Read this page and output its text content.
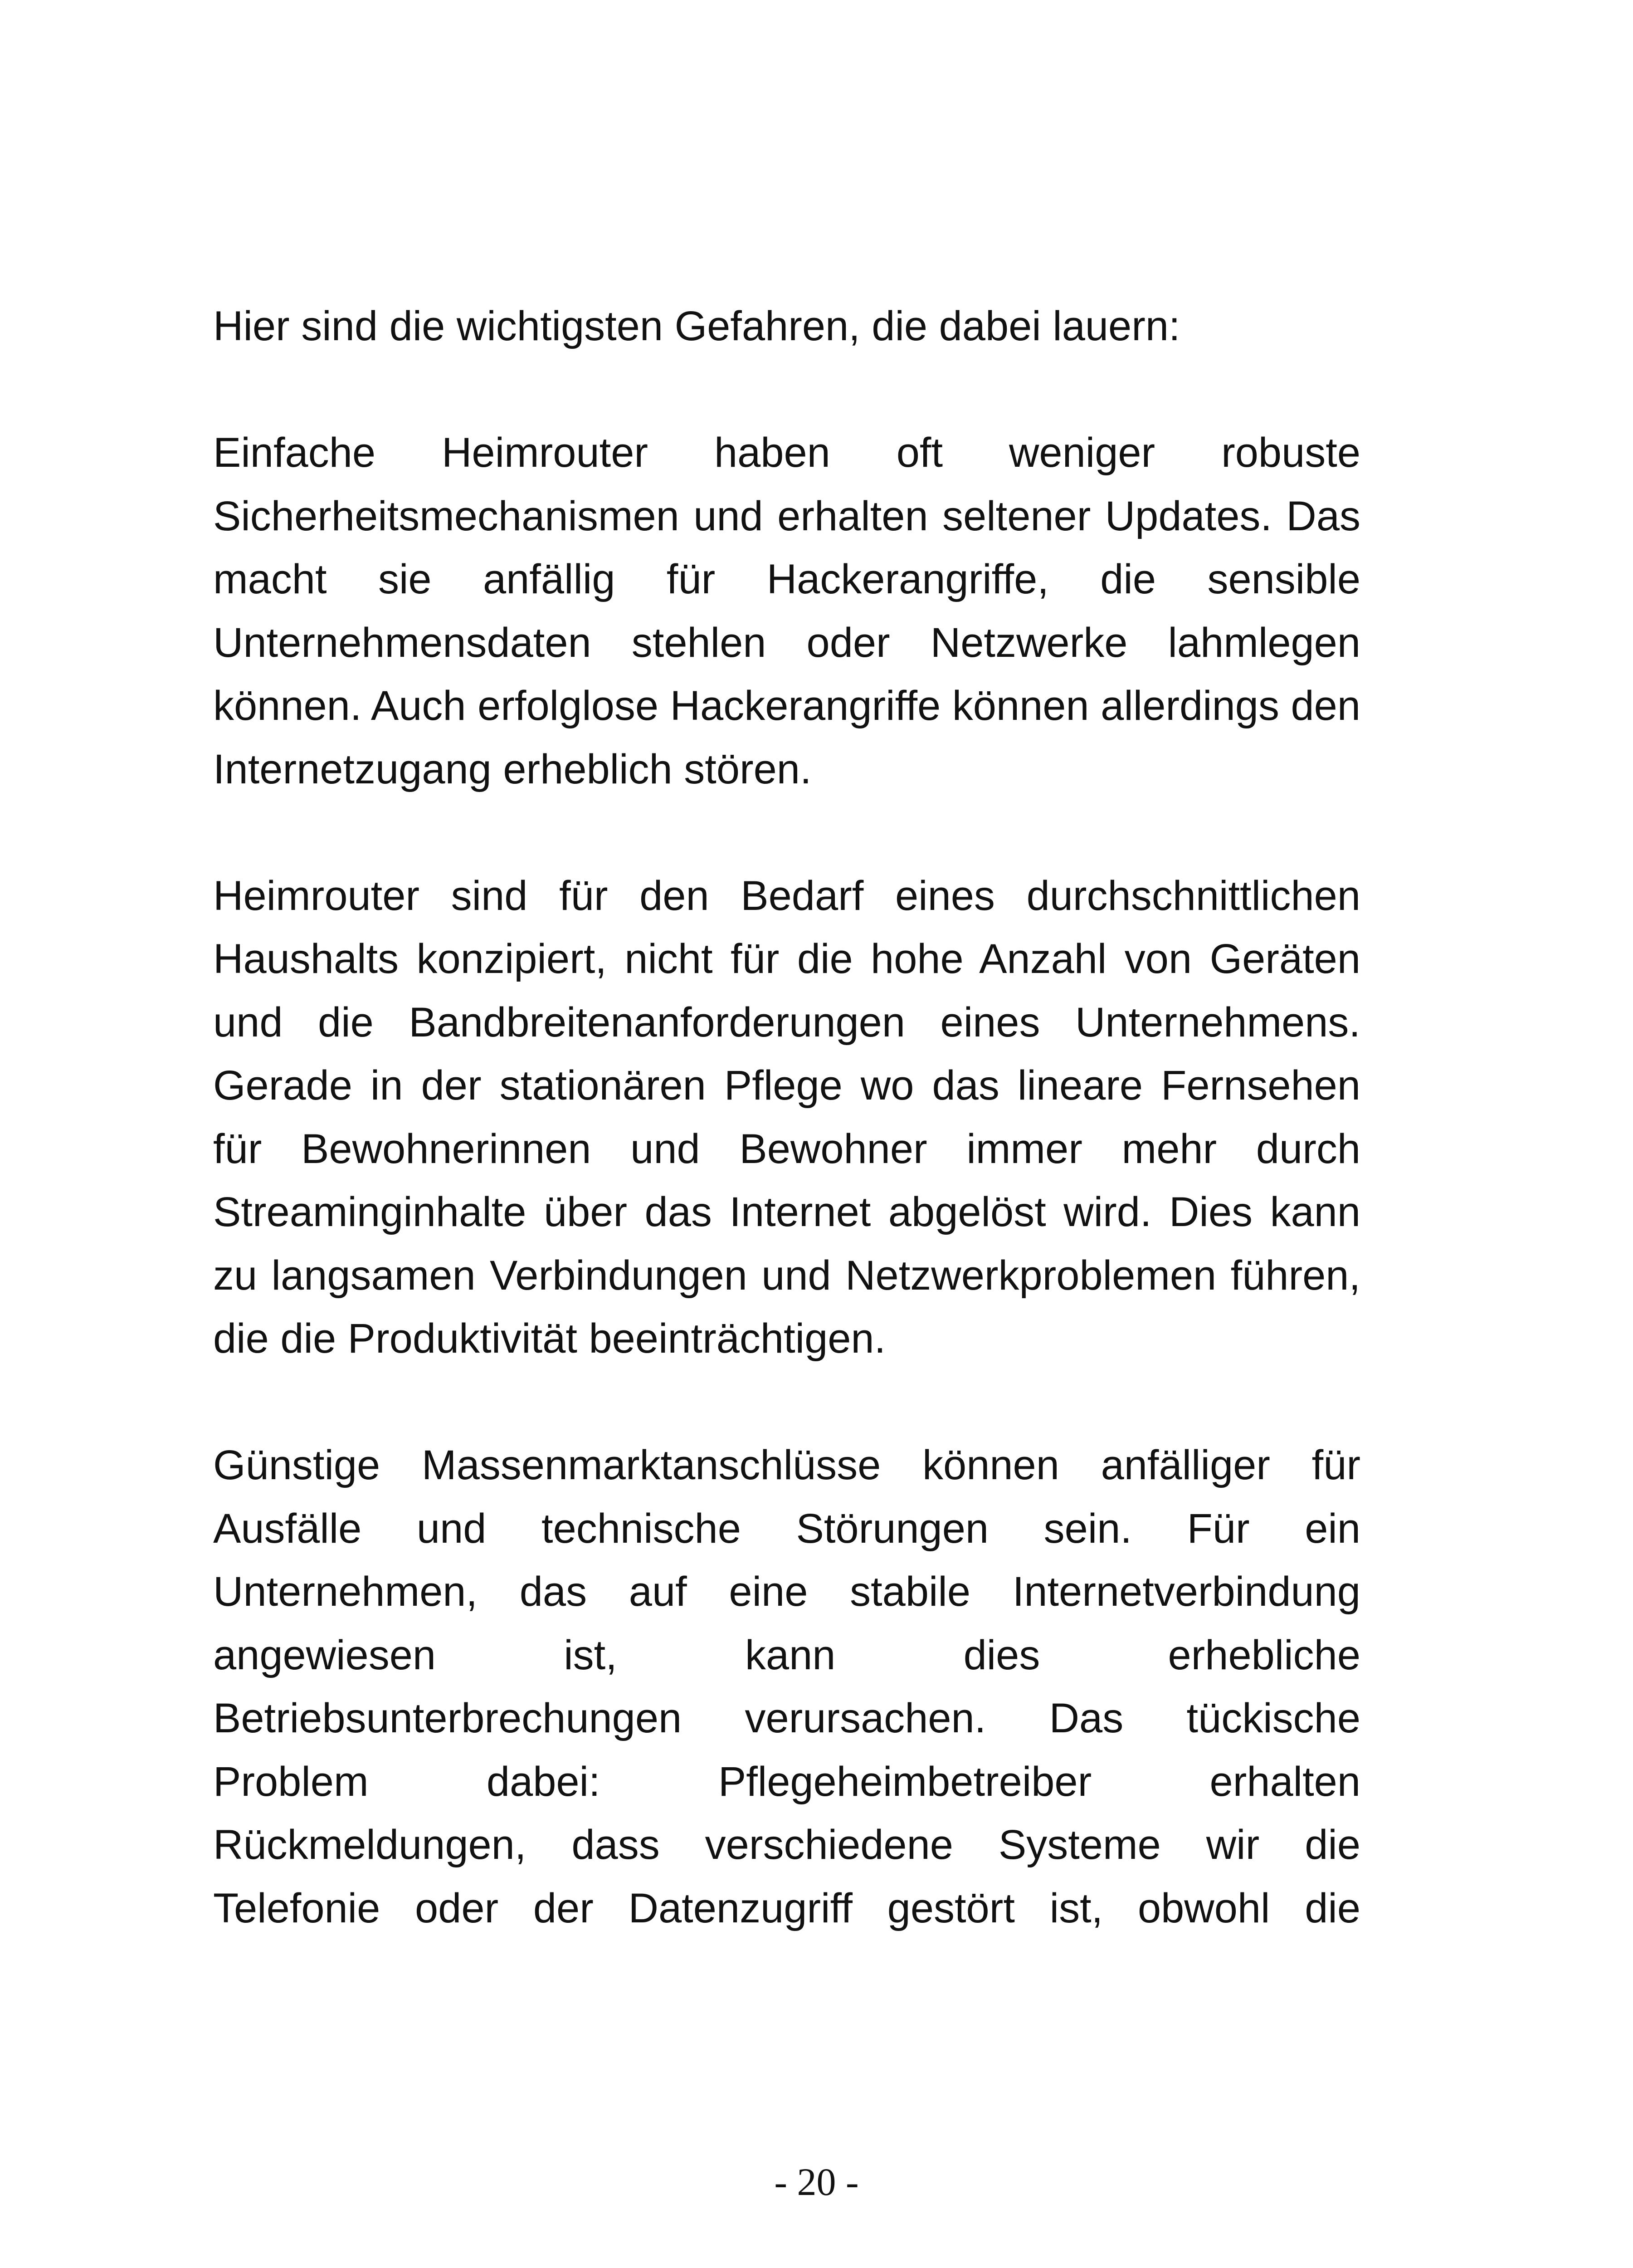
Hier sind die wichtigsten Gefahren, die dabei lauern:

Einfache Heimrouter haben oft weniger robuste Sicherheitsmechanismen und erhalten seltener Updates. Das macht sie anfällig für Hackerangriffe, die sensible Unternehmensdaten stehlen oder Netzwerke lahmlegen können. Auch erfolglose Hackerangriffe können allerdings den Internetzugang erheblich stören.

Heimrouter sind für den Bedarf eines durchschnittlichen Haushalts konzipiert, nicht für die hohe Anzahl von Geräten und die Bandbreitenanforderungen eines Unternehmens. Gerade in der stationären Pflege wo das lineare Fernsehen für Bewohnerinnen und Bewohner immer mehr durch Streaminginhalte über das Internet abgelöst wird. Dies kann zu langsamen Verbindungen und Netzwerkproblemen führen, die die Produktivität beeinträchtigen.

Günstige Massenmarktanschlüsse können anfälliger für Ausfälle und technische Störungen sein. Für ein Unternehmen, das auf eine stabile Internetverbindung angewiesen ist, kann dies erhebliche Betriebsunterbrechungen verursachen. Das tückische Problem dabei: Pflegeheimbetreiber erhalten Rückmeldungen, dass verschiedene Systeme wir die Telefonie oder der Datenzugriff gestört ist, obwohl die

- 20 -
